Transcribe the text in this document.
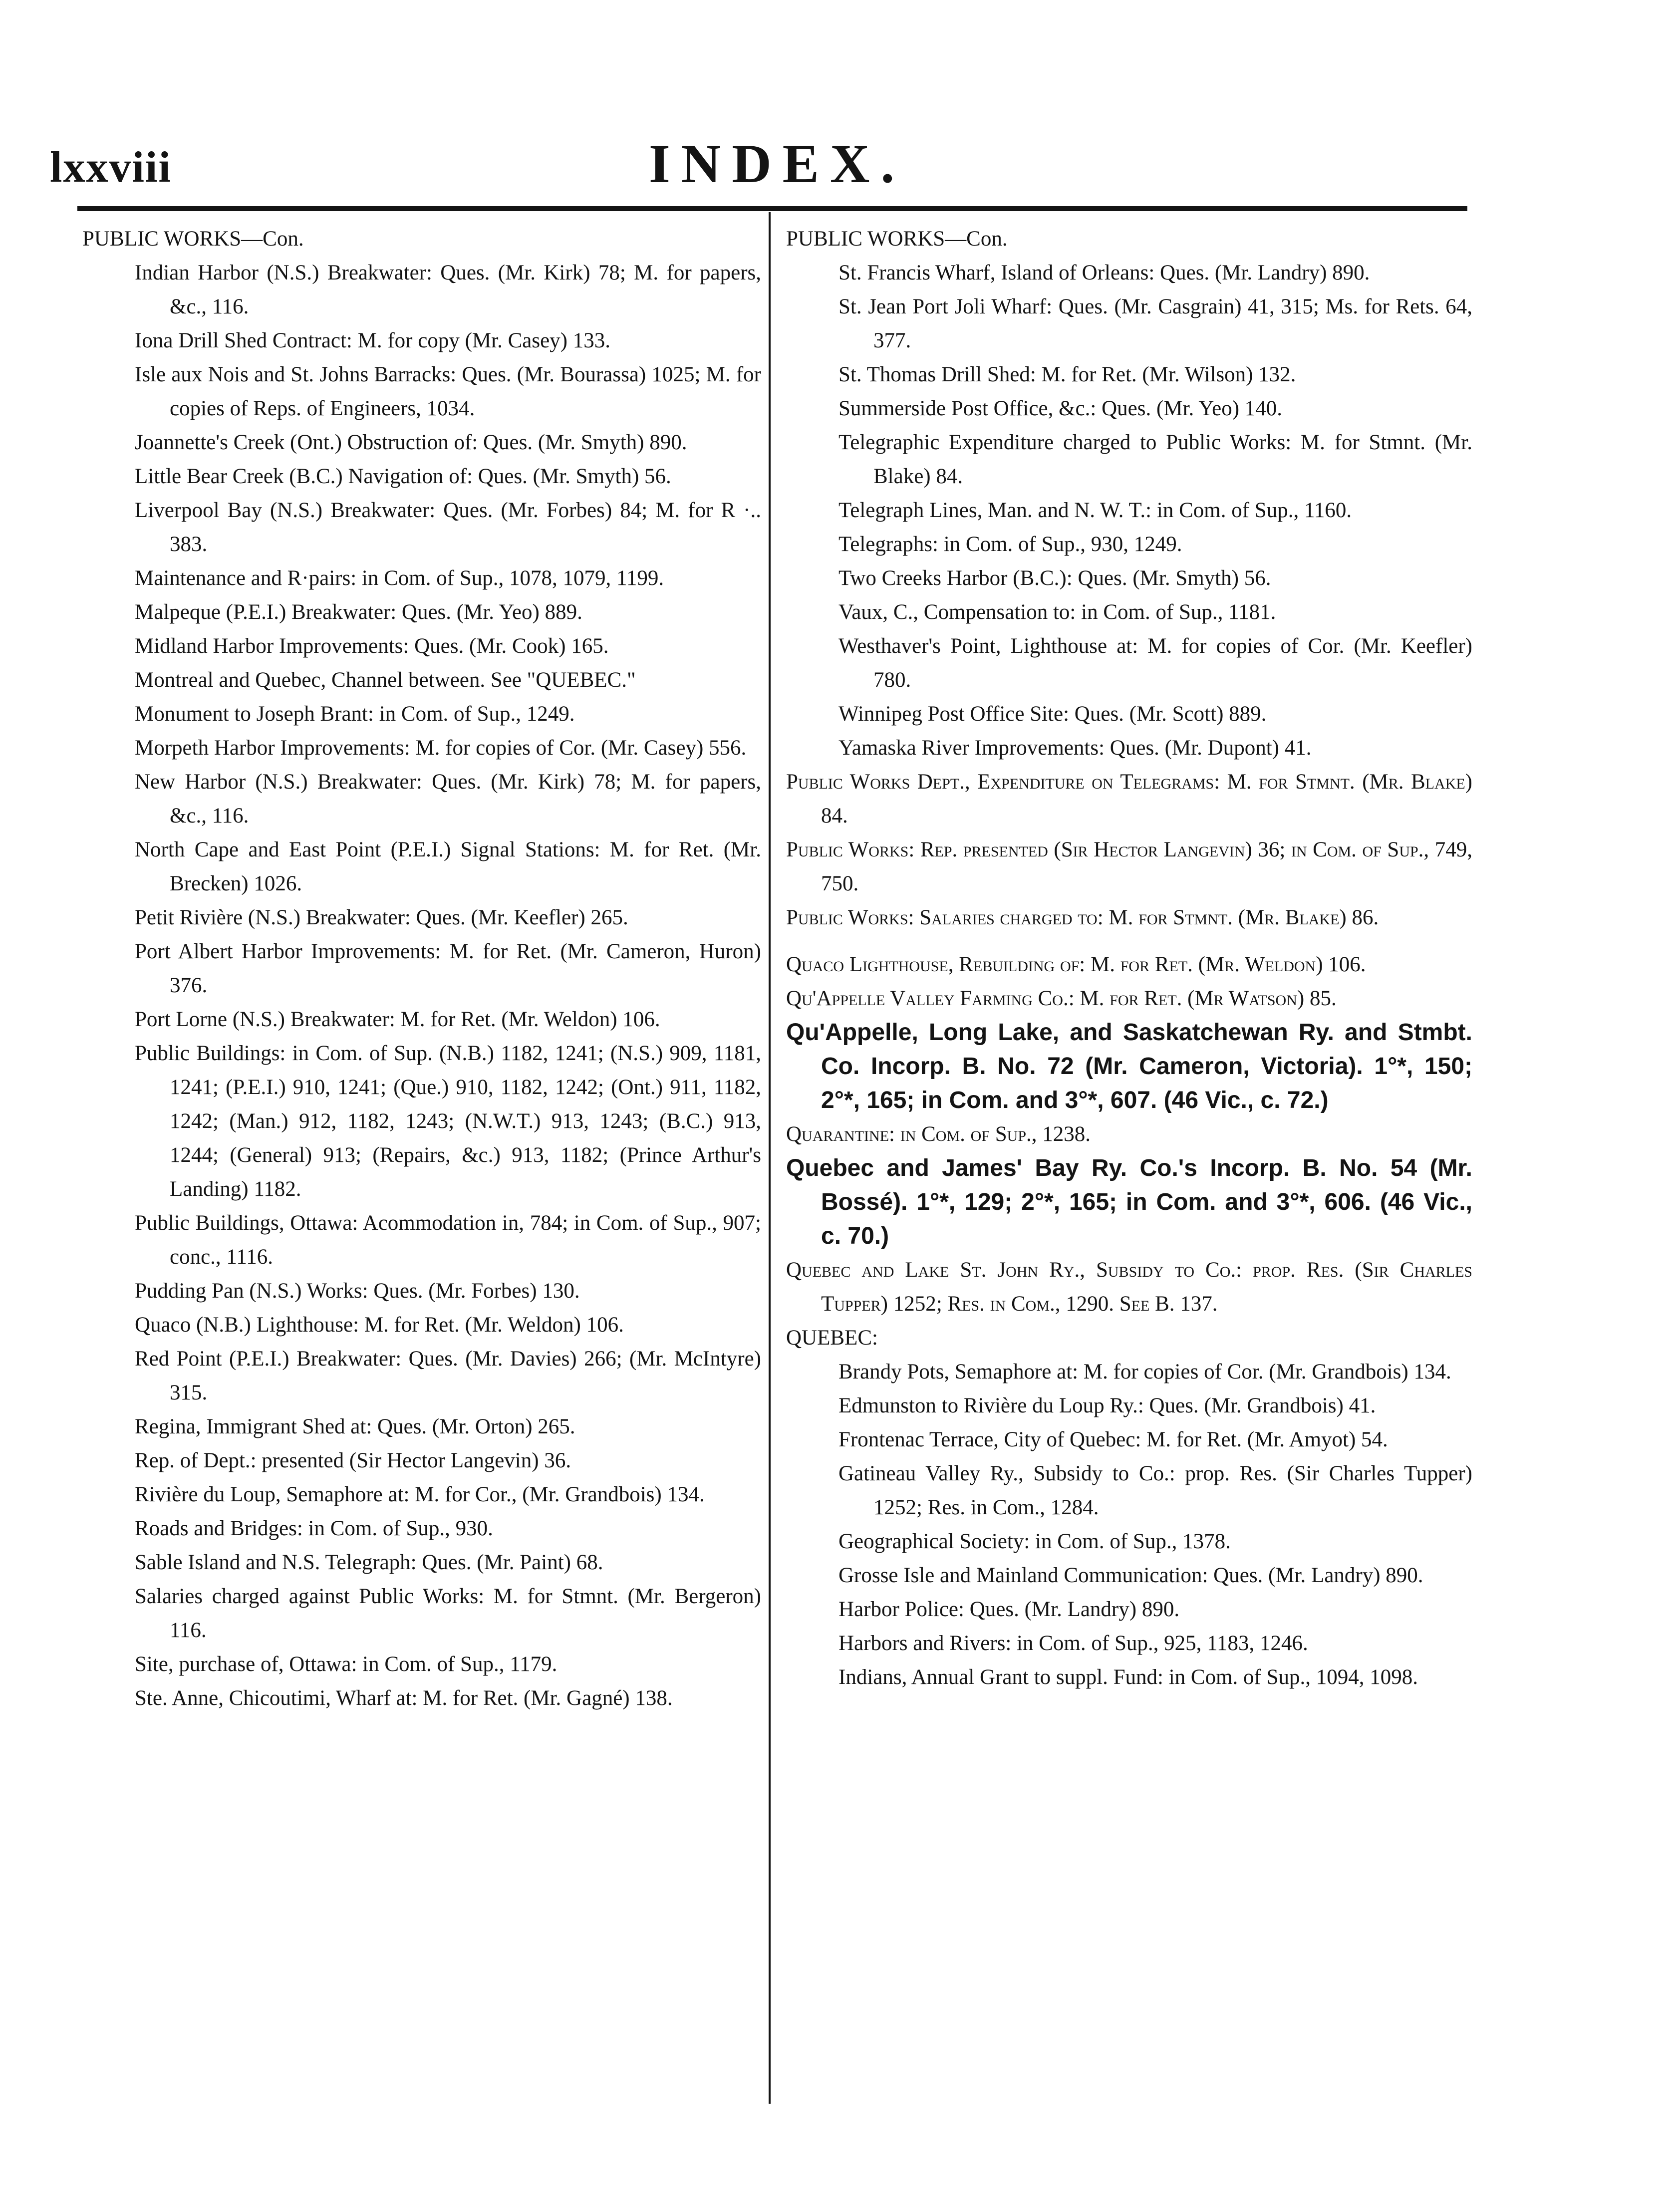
lxxviii	INDEX.

PUBLIC WORKS—Con.

Indian Harbor (N.S.) Breakwater: Ques. (Mr. Kirk) 78; M. for papers, &c., 116.

Iona Drill Shed Contract: M. for copy (Mr. Casey) 133.

Isle aux Nois and St. Johns Barracks: Ques. (Mr. Bourassa) 1025; M. for copies of Reps. of Engineers, 1034.

Joannette's Creek (Ont.) Obstruction of: Ques. (Mr. Smyth) 890.

Little Bear Creek (B.C.) Navigation of: Ques. (Mr. Smyth) 56.

Liverpool Bay (N.S.) Breakwater: Ques. (Mr. Forbes) 84; M. for R ·.. 383.

Maintenance and R·pairs: in Com. of Sup., 1078, 1079, 1199.

Malpeque (P.E.I.) Breakwater: Ques. (Mr. Yeo) 889.

Midland Harbor Improvements: Ques. (Mr. Cook) 165.

Montreal and Quebec, Channel between. See "QUEBEC."

Monument to Joseph Brant: in Com. of Sup., 1249.

Morpeth Harbor Improvements: M. for copies of Cor. (Mr. Casey) 556.

New Harbor (N.S.) Breakwater: Ques. (Mr. Kirk) 78; M. for papers, &c., 116.

North Cape and East Point (P.E.I.) Signal Stations: M. for Ret. (Mr. Brecken) 1026.

Petit Rivière (N.S.) Breakwater: Ques. (Mr. Keefler) 265.

Port Albert Harbor Improvements: M. for Ret. (Mr. Cameron, Huron) 376.

Port Lorne (N.S.) Breakwater: M. for Ret. (Mr. Weldon) 106.

Public Buildings: in Com. of Sup. (N.B.) 1182, 1241; (N.S.) 909, 1181, 1241; (P.E.I.) 910, 1241; (Que.) 910, 1182, 1242; (Ont.) 911, 1182, 1242; (Man.) 912, 1182, 1243; (N.W.T.) 913, 1243; (B.C.) 913, 1244; (General) 913; (Repairs, &c.) 913, 1182; (Prince Arthur's Landing) 1182.

Public Buildings, Ottawa: Acommodation in, 784; in Com. of Sup., 907; conc., 1116.

Pudding Pan (N.S.) Works: Ques. (Mr. Forbes) 130.

Quaco (N.B.) Lighthouse: M. for Ret. (Mr. Weldon) 106.

Red Point (P.E.I.) Breakwater: Ques. (Mr. Davies) 266; (Mr. McIntyre) 315.

Regina, Immigrant Shed at: Ques. (Mr. Orton) 265.

Rep. of Dept.: presented (Sir Hector Langevin) 36.

Rivière du Loup, Semaphore at: M. for Cor., (Mr. Grandbois) 134.

Roads and Bridges: in Com. of Sup., 930.

Sable Island and N.S. Telegraph: Ques. (Mr. Paint) 68.

Salaries charged against Public Works: M. for Stmnt. (Mr. Bergeron) 116.

Site, purchase of, Ottawa: in Com. of Sup., 1179.

Ste. Anne, Chicoutimi, Wharf at: M. for Ret. (Mr. Gagné) 138.

PUBLIC WORKS—Con.

St. Francis Wharf, Island of Orleans: Ques. (Mr. Landry) 890.

St. Jean Port Joli Wharf: Ques. (Mr. Casgrain) 41, 315; Ms. for Rets. 64, 377.

St. Thomas Drill Shed: M. for Ret. (Mr. Wilson) 132.

Summerside Post Office, &c.: Ques. (Mr. Yeo) 140.

Telegraphic Expenditure charged to Public Works: M. for Stmnt. (Mr. Blake) 84.

Telegraph Lines, Man. and N. W. T.: in Com. of Sup., 1160.

Telegraphs: in Com. of Sup., 930, 1249.

Two Creeks Harbor (B.C.): Ques. (Mr. Smyth) 56.

Vaux, C., Compensation to: in Com. of Sup., 1181.

Westhaver's Point, Lighthouse at: M. for copies of Cor. (Mr. Keefler) 780.

Winnipeg Post Office Site: Ques. (Mr. Scott) 889.

Yamaska River Improvements: Ques. (Mr. Dupont) 41.

Public Works Dept., Expenditure on Telegrams: M. for Stmnt. (Mr. Blake) 84.

Public Works: Rep. presented (Sir Hector Langevin) 36; in Com. of Sup., 749, 750.

Public Works: Salaries charged to: M. for Stmnt. (Mr. Blake) 86.

Quaco Lighthouse, Rebuilding of: M. for Ret. (Mr. Weldon) 106.

Qu'Appelle Valley Farming Co.: M. for Ret. (Mr Watson) 85.

Qu'Appelle, Long Lake, and Saskatchewan Ry. and Stmbt. Co. Incorp. B. No. 72 (Mr. Cameron, Victoria). 1°*, 150; 2°*, 165; in Com. and 3°*, 607. (46 Vic., c. 72.)

Quarantine: in Com. of Sup., 1238.

Quebec and James' Bay Ry. Co.'s Incorp. B. No. 54 (Mr. Bossé). 1°*, 129; 2°*, 165; in Com. and 3°*, 606. (46 Vic., c. 70.)

Quebec and Lake St. John Ry., Subsidy to Co.: prop. Res. (Sir Charles Tupper) 1252; Res. in Com., 1290. See B. 137.

QUEBEC:

Brandy Pots, Semaphore at: M. for copies of Cor. (Mr. Grandbois) 134.

Edmunston to Rivière du Loup Ry.: Ques. (Mr. Grandbois) 41.

Frontenac Terrace, City of Quebec: M. for Ret. (Mr. Amyot) 54.

Gatineau Valley Ry., Subsidy to Co.: prop. Res. (Sir Charles Tupper) 1252; Res. in Com., 1284.

Geographical Society: in Com. of Sup., 1378.

Grosse Isle and Mainland Communication: Ques. (Mr. Landry) 890.

Harbor Police: Ques. (Mr. Landry) 890.

Harbors and Rivers: in Com. of Sup., 925, 1183, 1246.

Indians, Annual Grant to suppl. Fund: in Com. of Sup., 1094, 1098.
